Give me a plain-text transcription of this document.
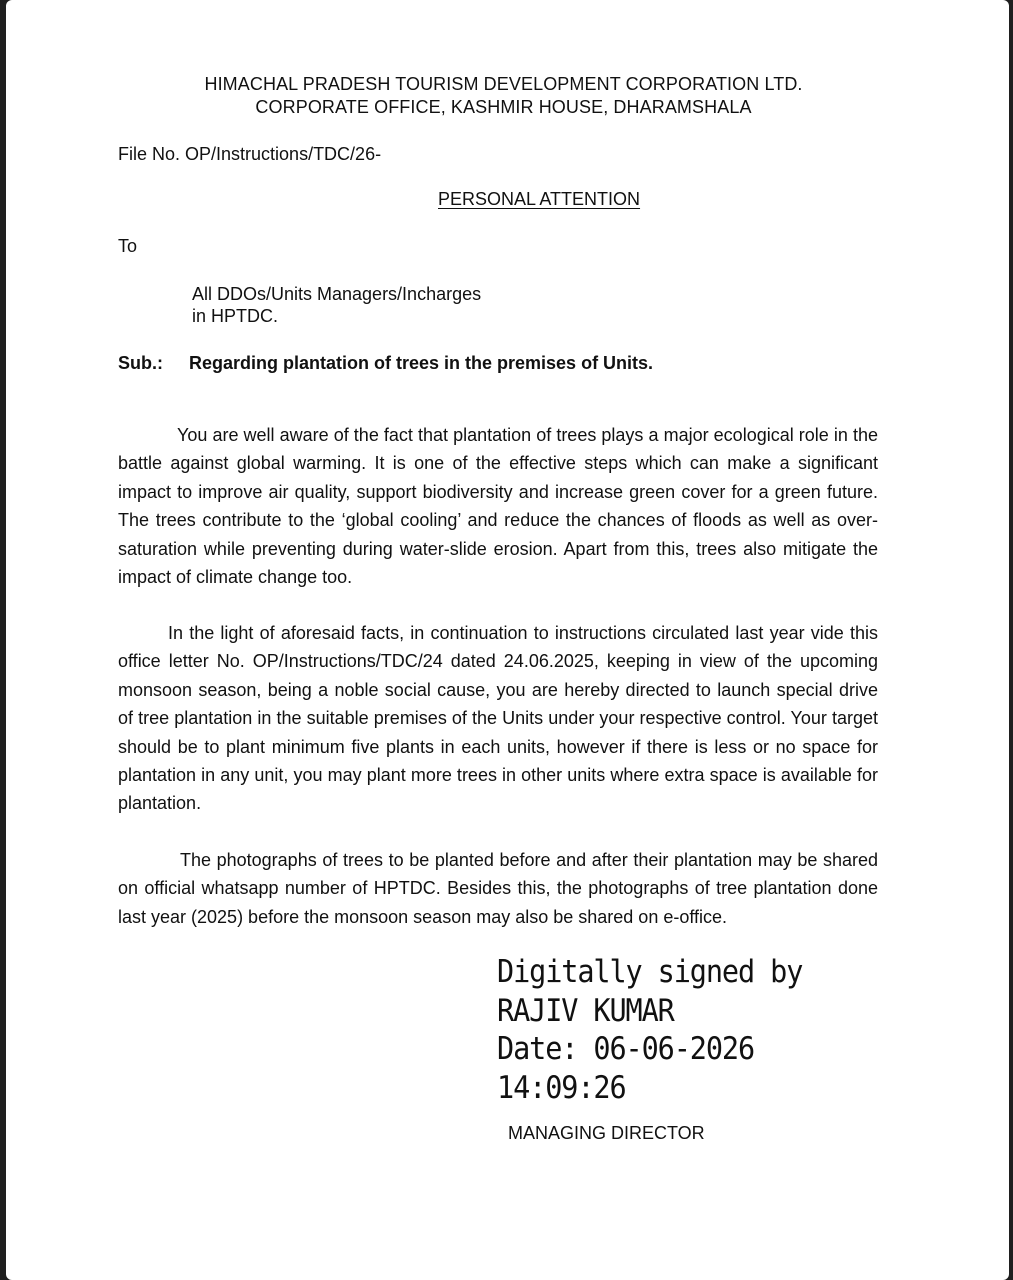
HIMACHAL PRADESH TOURISM DEVELOPMENT CORPORATION LTD.
CORPORATE OFFICE, KASHMIR HOUSE, DHARAMSHALA
File No. OP/Instructions/TDC/26-
PERSONAL ATTENTION
To
All DDOs/Units Managers/Incharges
in HPTDC.
Sub.: Regarding plantation of trees in the premises of Units.

You are well aware of the fact that plantation of trees plays a major ecological role in the battle against global warming. It is one of the effective steps which can make a significant impact to improve air quality, support biodiversity and increase green cover for a green future. The trees contribute to the ‘global cooling’ and reduce the chances of floods as well as over-saturation while preventing during water-slide erosion. Apart from this, trees also mitigate the impact of climate change too.

In the light of aforesaid facts, in continuation to instructions circulated last year vide this office letter No. OP/Instructions/TDC/24 dated 24.06.2025, keeping in view of the upcoming monsoon season, being a noble social cause, you are hereby directed to launch special drive of tree plantation in the suitable premises of the Units under your respective control. Your target should be to plant minimum five plants in each units, however if there is less or no space for plantation in any unit, you may plant more trees in other units where extra space is available for plantation.

The photographs of trees to be planted before and after their plantation may be shared on official whatsapp number of HPTDC. Besides this, the photographs of tree plantation done last year (2025) before the monsoon season may also be shared on e-office.

Digitally signed by
RAJIV KUMAR
Date: 06-06-2026
14:09:26
MANAGING DIRECTOR
